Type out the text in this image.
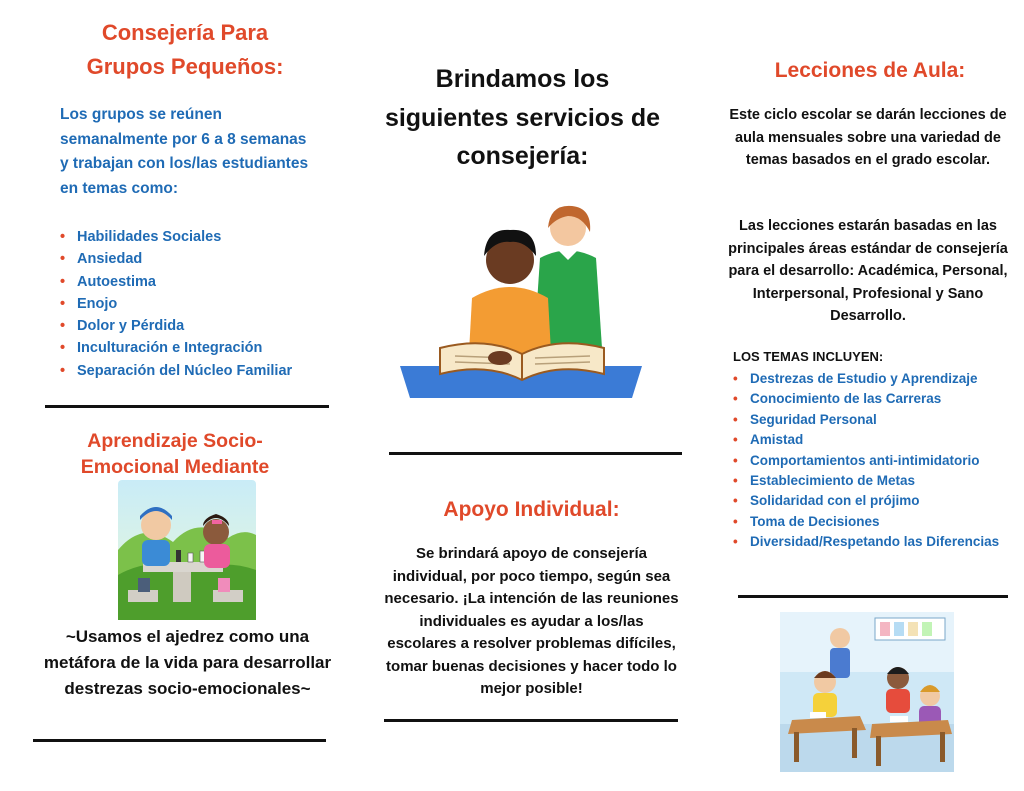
Consejería Para
Grupos Pequeños:
Los grupos se reúnen semanalmente por 6 a 8 semanas y trabajan con los/las estudiantes en temas como:
• Habilidades Sociales
• Ansiedad
• Autoestima
• Enojo
• Dolor y Pérdida
• Inculturación e Integración
• Separación del Núcleo Familiar
Aprendizaje Socio-Emocional Mediante
~Usamos el ajedrez como una metáfora de la vida para desarrollar destrezas socio-emocionales~
Brindamos los siguientes servicios de consejería:
Apoyo Individual:
Se brindará apoyo de consejería individual, por poco tiempo, según sea necesario. ¡La intención de las reuniones individuales es ayudar a los/las escolares a resolver problemas difíciles, tomar buenas decisiones y hacer todo lo mejor posible!
Lecciones de Aula:
Este ciclo escolar se darán lecciones de aula mensuales sobre una variedad de temas basados en el grado escolar.
Las lecciones estarán basadas en las principales áreas estándar de consejería para el desarrollo: Académica, Personal, Interpersonal, Profesional y Sano Desarrollo.
LOS TEMAS INCLUYEN:
• Destrezas de Estudio y Aprendizaje
• Conocimiento de las Carreras
• Seguridad Personal
• Amistad
• Comportamientos anti-intimidatorio
• Establecimiento de Metas
• Solidaridad con el prójimo
• Toma de Decisiones
• Diversidad/Respetando las Diferencias
